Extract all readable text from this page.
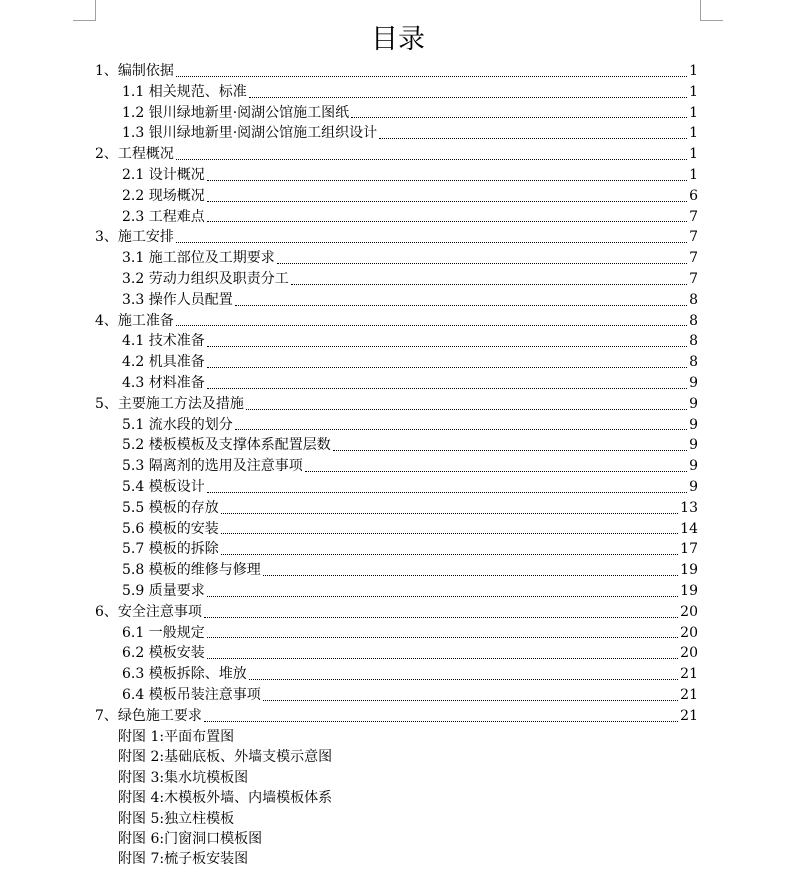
目录
1、编制依据	1
1.1 相关规范、标准	1
1.2 银川绿地新里·阅湖公馆施工图纸	1
1.3 银川绿地新里·阅湖公馆施工组织设计	1
2、工程概况	1
2.1 设计概况	1
2.2 现场概况	6
2.3 工程难点	7
3、施工安排	7
3.1 施工部位及工期要求	7
3.2 劳动力组织及职责分工	7
3.3 操作人员配置	8
4、施工准备	8
4.1 技术准备	8
4.2 机具准备	8
4.3 材料准备	9
5、主要施工方法及措施	9
5.1 流水段的划分	9
5.2 楼板模板及支撑体系配置层数	9
5.3 隔离剂的选用及注意事项	9
5.4 模板设计	9
5.5 模板的存放	13
5.6 模板的安装	14
5.7 模板的拆除	17
5.8 模板的维修与修理	19
5.9 质量要求	19
6、安全注意事项	20
6.1 一般规定	20
6.2 模板安装	20
6.3 模板拆除、堆放	21
6.4 模板吊装注意事项	21
7、绿色施工要求	21
附图 1:平面布置图
附图 2:基础底板、外墙支模示意图
附图 3:集水坑模板图
附图 4:木模板外墙、内墙模板体系
附图 5:独立柱模板
附图 6:门窗洞口模板图
附图 7:梳子板安装图
